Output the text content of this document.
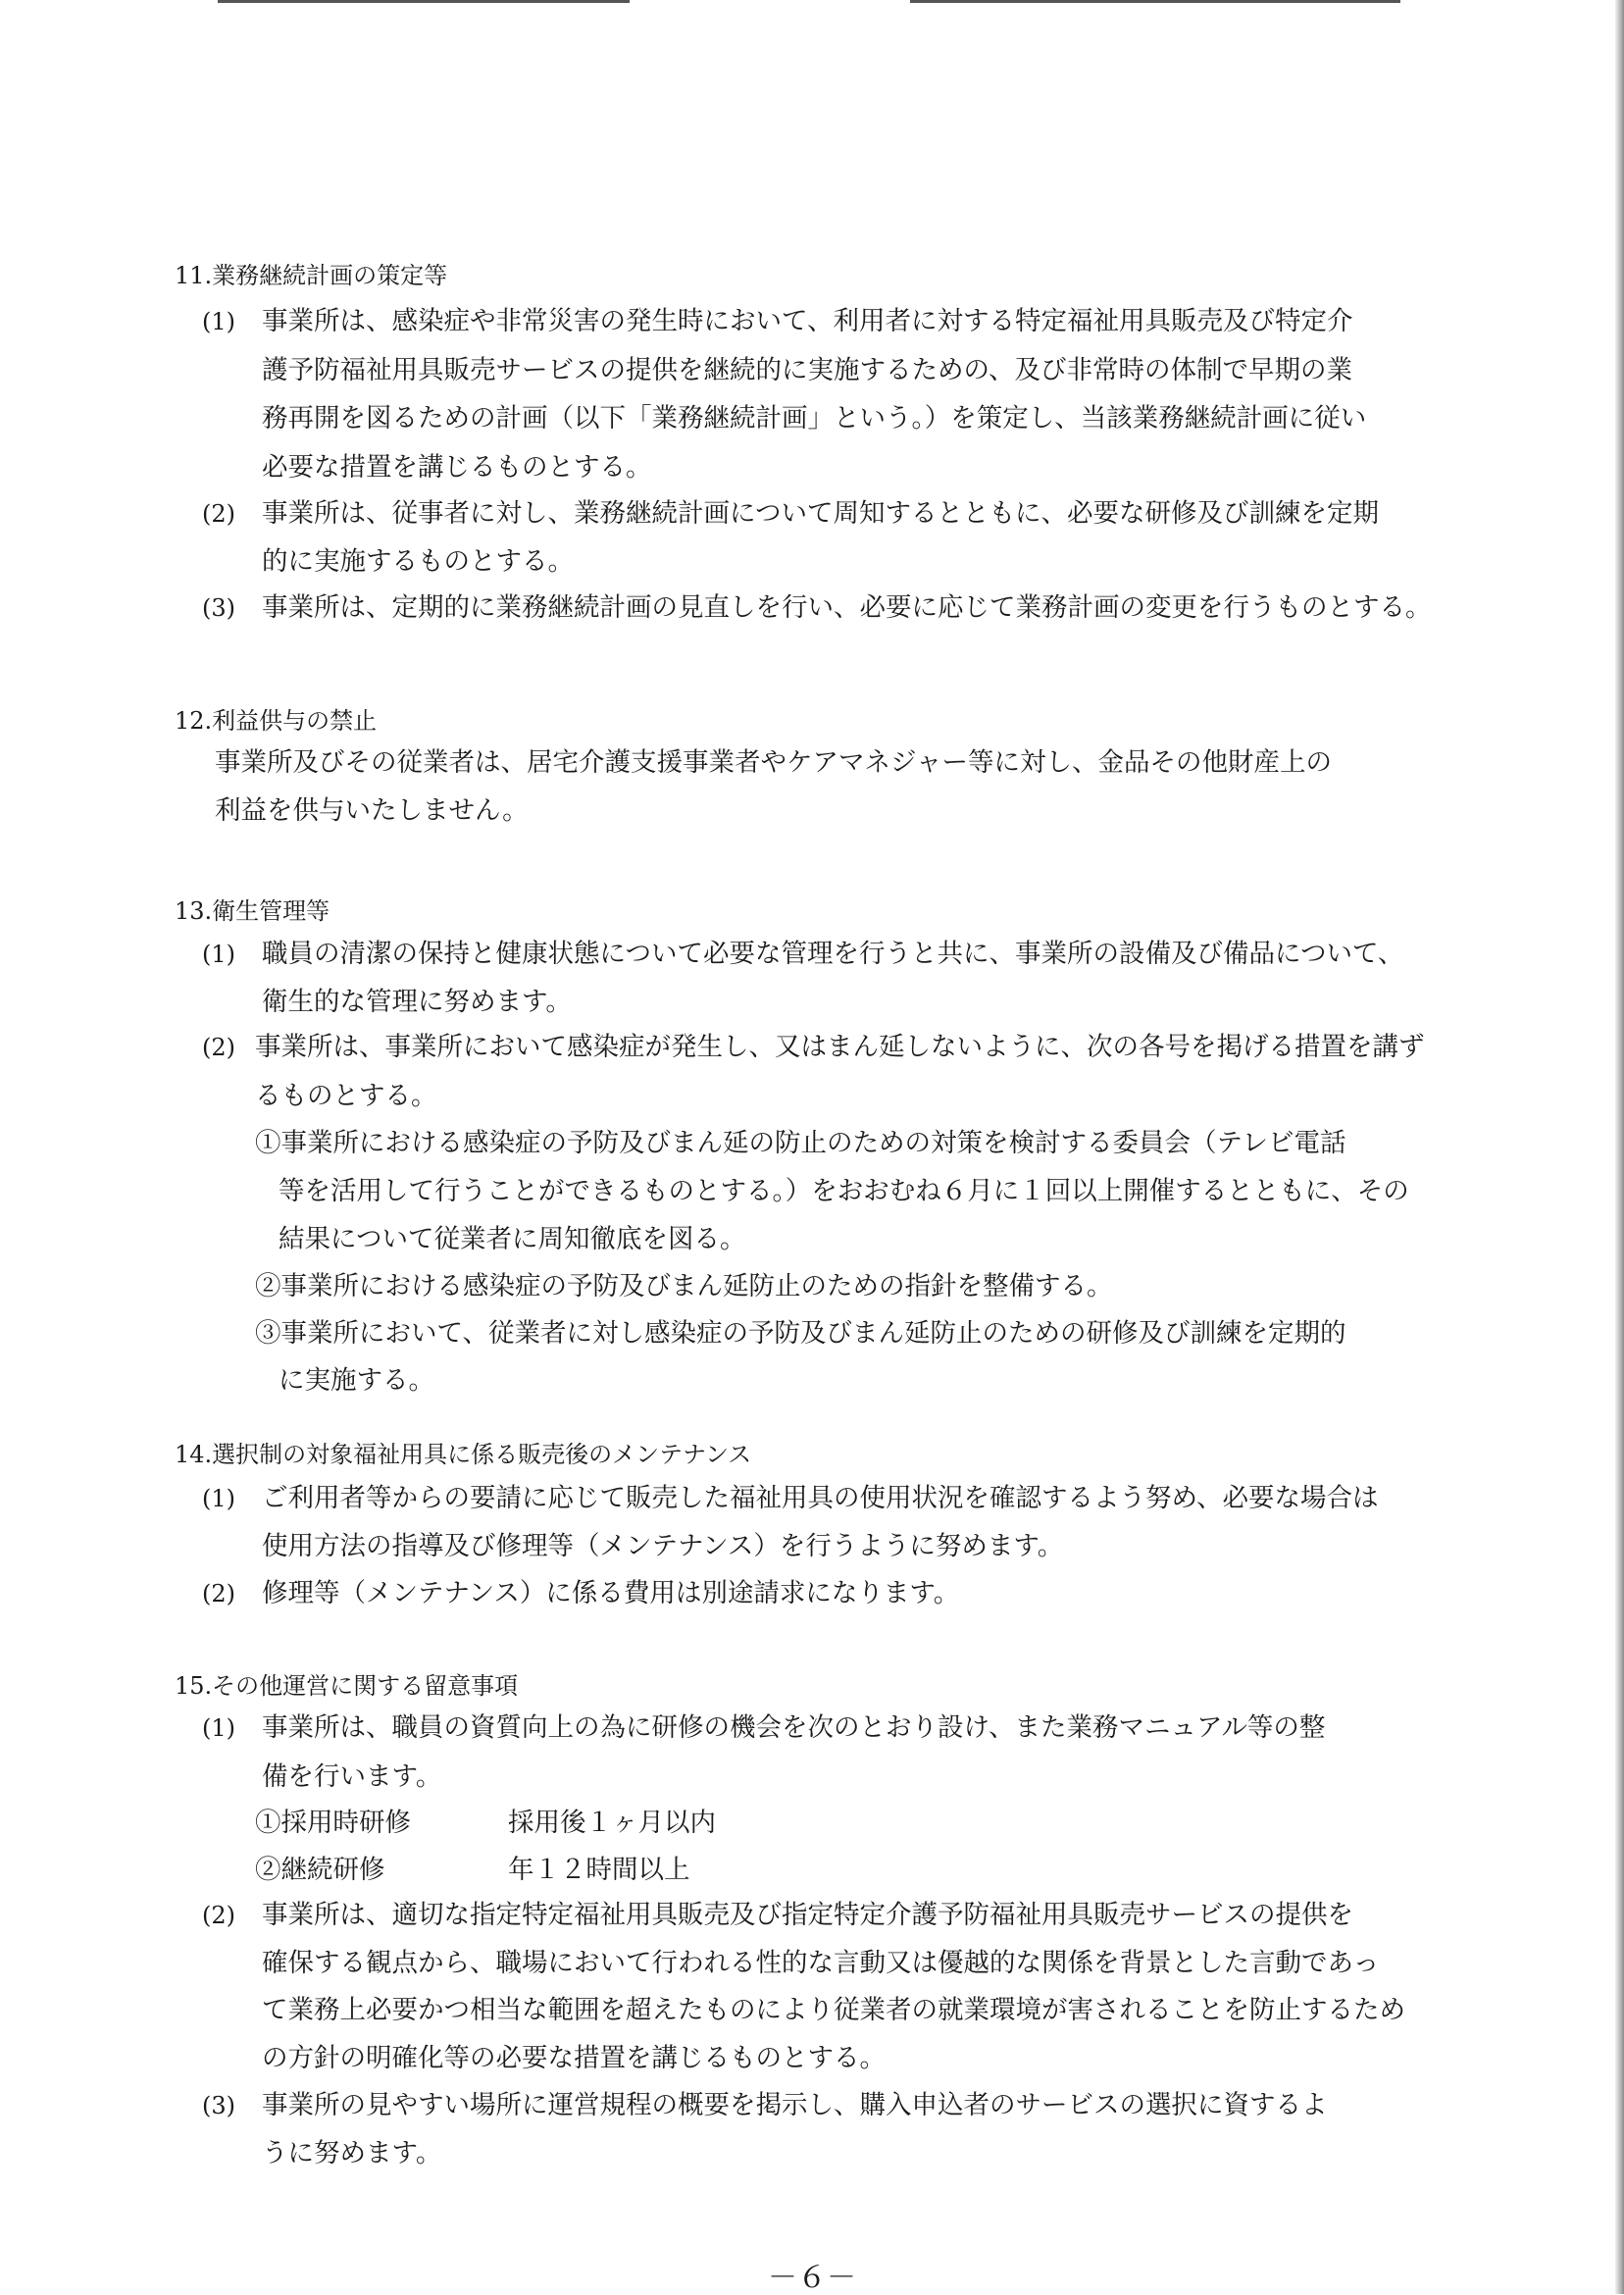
11.業務継続計画の策定等
(1) 事業所は、感染症や非常災害の発生時において、利用者に対する特定福祉用具販売及び特定介
護予防福祉用具販売サービスの提供を継続的に実施するための、及び非常時の体制で早期の業
務再開を図るための計画（以下「業務継続計画」という。）を策定し、当該業務継続計画に従い
必要な措置を講じるものとする。
(2) 事業所は、従事者に対し、業務継続計画について周知するとともに、必要な研修及び訓練を定期
的に実施するものとする。
(3) 事業所は、定期的に業務継続計画の見直しを行い、必要に応じて業務計画の変更を行うものとする。
12.利益供与の禁止
事業所及びその従業者は、居宅介護支援事業者やケアマネジャー等に対し、金品その他財産上の
利益を供与いたしません。
13.衛生管理等
(1) 職員の清潔の保持と健康状態について必要な管理を行うと共に、事業所の設備及び備品について、
衛生的な管理に努めます。
(2) 事業所は、事業所において感染症が発生し、又はまん延しないように、次の各号を掲げる措置を講ず
るものとする。
①事業所における感染症の予防及びまん延の防止のための対策を検討する委員会（テレビ電話
等を活用して行うことができるものとする。）をおおむね６月に１回以上開催するとともに、その
結果について従業者に周知徹底を図る。
②事業所における感染症の予防及びまん延防止のための指針を整備する。
③事業所において、従業者に対し感染症の予防及びまん延防止のための研修及び訓練を定期的
に実施する。
14.選択制の対象福祉用具に係る販売後のメンテナンス
(1) ご利用者等からの要請に応じて販売した福祉用具の使用状況を確認するよう努め、必要な場合は
使用方法の指導及び修理等（メンテナンス）を行うように努めます。
(2) 修理等（メンテナンス）に係る費用は別途請求になります。
15.その他運営に関する留意事項
(1) 事業所は、職員の資質向上の為に研修の機会を次のとおり設け、また業務マニュアル等の整
備を行います。
①採用時研修	採用後１ヶ月以内
②継続研修	年１２時間以上
(2) 事業所は、適切な指定特定福祉用具販売及び指定特定介護予防福祉用具販売サービスの提供を
確保する観点から、職場において行われる性的な言動又は優越的な関係を背景とした言動であっ
て業務上必要かつ相当な範囲を超えたものにより従業者の就業環境が害されることを防止するため
の方針の明確化等の必要な措置を講じるものとする。
(3) 事業所の見やすい場所に運営規程の概要を掲示し、購入申込者のサービスの選択に資するよ
うに努めます。
－６－
